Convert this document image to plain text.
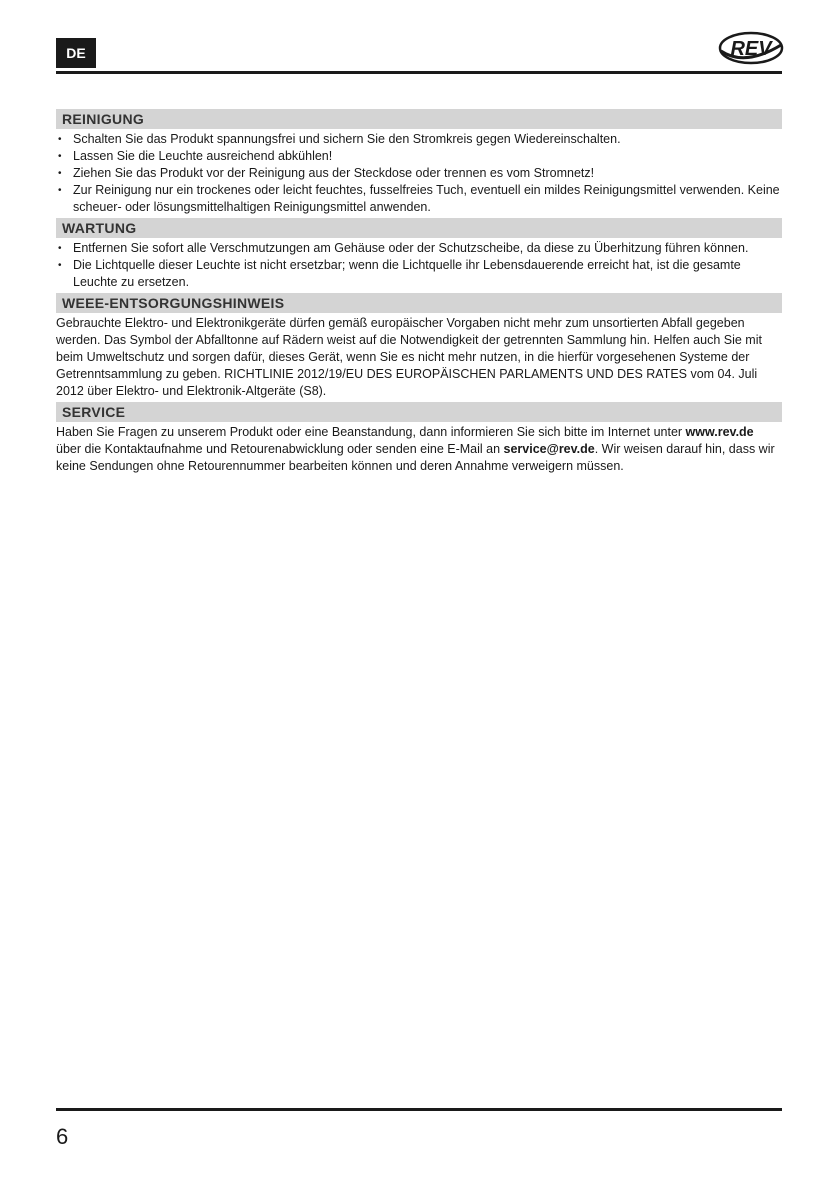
DE	REV
REINIGUNG
• Schalten Sie das Produkt spannungsfrei und sichern Sie den Stromkreis gegen Wiedereinschalten.
• Lassen Sie die Leuchte ausreichend abkühlen!
• Ziehen Sie das Produkt vor der Reinigung aus der Steckdose oder trennen es vom Stromnetz!
• Zur Reinigung nur ein trockenes oder leicht feuchtes, fusselfreies Tuch, eventuell ein mildes Reinigungsmittel verwenden. Keine scheuer- oder lösungsmittelhaltigen Reinigungsmittel anwenden.
WARTUNG
• Entfernen Sie sofort alle Verschmutzungen am Gehäuse oder der Schutzscheibe, da diese zu Überhitzung führen können.
• Die Lichtquelle dieser Leuchte ist nicht ersetzbar; wenn die Lichtquelle ihr Lebensdauerende erreicht hat, ist die gesamte Leuchte zu ersetzen.
WEEE-ENTSORGUNGSHINWEIS

Gebrauchte Elektro- und Elektronikgeräte dürfen gemäß europäischer Vorgaben nicht mehr zum unsortierten Abfall gegeben werden. Das Symbol der Abfalltonne auf Rädern weist auf die Notwendigkeit der getrennten Sammlung hin. Helfen auch Sie mit beim Umweltschutz und sorgen dafür, dieses Gerät, wenn Sie es nicht mehr nutzen, in die hierfür vorgesehenen Systeme der Getrenntsammlung zu geben. RICHTLINIE 2012/19/EU DES EUROPÄISCHEN PARLAMENTS UND DES RATES vom 04. Juli 2012 über Elektro- und Elektronik-Altgeräte (S8).

SERVICE

Haben Sie Fragen zu unserem Produkt oder eine Beanstandung, dann informieren Sie sich bitte im Internet unter www.rev.de über die Kontaktaufnahme und Retourenabwicklung oder senden eine E-Mail an service@rev.de. Wir weisen darauf hin, dass wir keine Sendungen ohne Retourennummer bearbeiten können und deren Annahme verweigern müssen.

6
